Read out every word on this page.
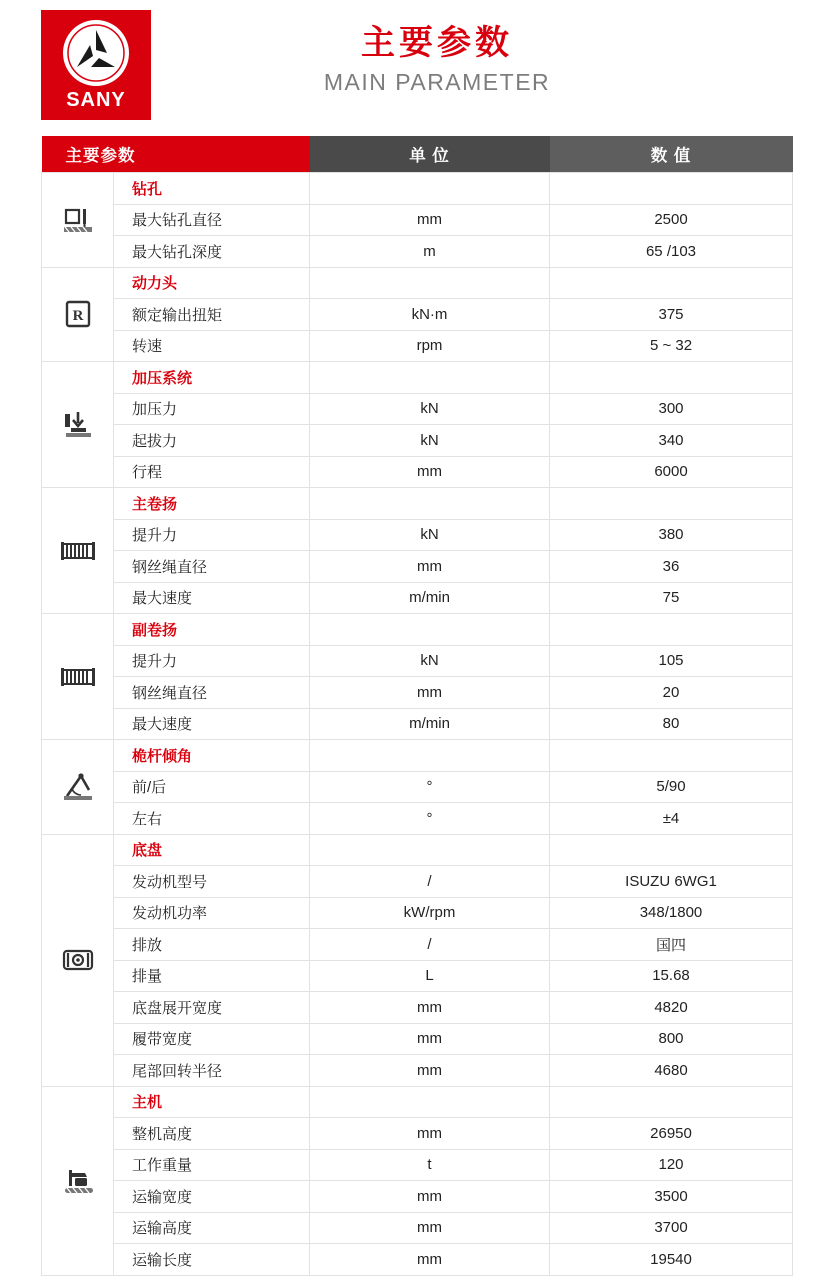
SANY
主要参数
MAIN PARAMETER
主要参数		单 位	数 值

	钻孔		
	最大钻孔直径	mm	2500
	最大钻孔深度	m	65 /103

R	动力头		
	额定输出扭矩	kN·m	375
	转速	rpm	5 ~ 32

	加压系统		
	加压力	kN	300
	起拔力	kN	340
	行程	mm	6000

	主卷扬		
	提升力	kN	380
	钢丝绳直径	mm	36
	最大速度	m/min	75

	副卷扬		
	提升力	kN	105
	钢丝绳直径	mm	20
	最大速度	m/min	80

	桅杆倾角		
	前/后	°	5/90
	左右	°	±4

	底盘		
	发动机型号	/	ISUZU 6WG1
	发动机功率	kW/rpm	348/1800
	排放	/	国四
	排量	L	15.68
	底盘展开宽度	mm	4820
	履带宽度	mm	800
	尾部回转半径	mm	4680

	主机		
	整机高度	mm	26950
	工作重量	t	120
	运输宽度	mm	3500
	运输高度	mm	3700
	运输长度	mm	19540
